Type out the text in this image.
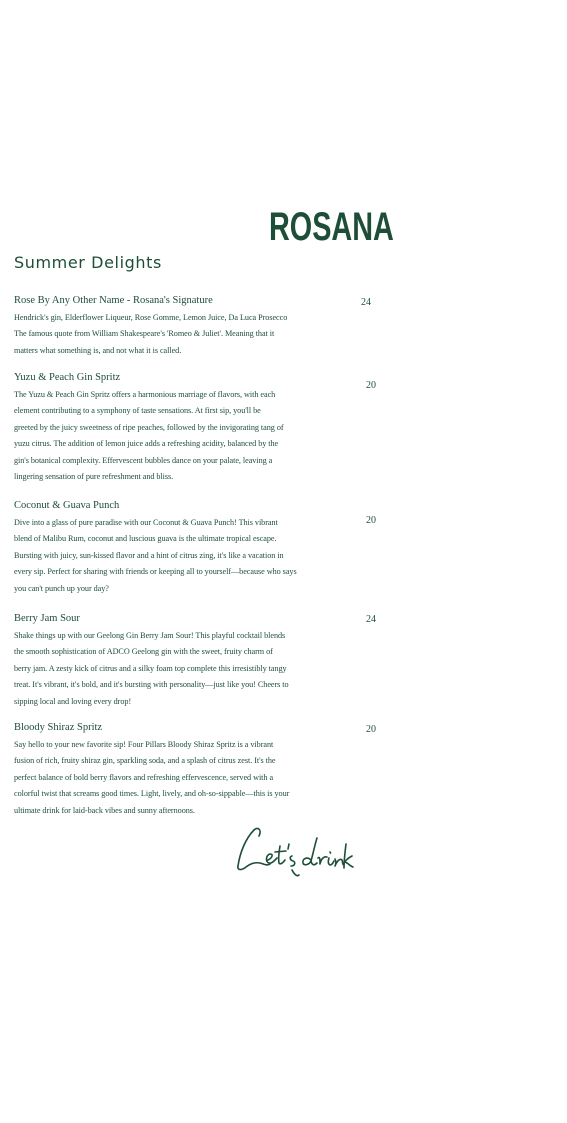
ROSANA
Summer Delights
Rose By Any Other Name - Rosana's Signature
Hendrick's gin, Elderflower Liqueur, Rose Gomme, Lemon Juice, Da Luca Prosecco
The famous quote from William Shakespeare's 'Romeo & Juliet'. Meaning that it
matters what something is, and not what it is called.
24
Yuzu & Peach Gin Spritz
The Yuzu & Peach Gin Spritz offers a harmonious marriage of flavors, with each
element contributing to a symphony of taste sensations. At first sip, you'll be
greeted by the juicy sweetness of ripe peaches, followed by the invigorating tang of
yuzu citrus. The addition of lemon juice adds a refreshing acidity, balanced by the
gin's botanical complexity. Effervescent bubbles dance on your palate, leaving a
lingering sensation of pure refreshment and bliss.
20
Coconut & Guava Punch
Dive into a glass of pure paradise with our Coconut & Guava Punch! This vibrant
blend of Malibu Rum, coconut and luscious guava is the ultimate tropical escape.
Bursting with juicy, sun-kissed flavor and a hint of citrus zing, it's like a vacation in
every sip. Perfect for sharing with friends or keeping all to yourself—because who says
you can't punch up your day?
20
Berry Jam Sour
Shake things up with our Geelong Gin Berry Jam Sour! This playful cocktail blends
the smooth sophistication of ADCO Geelong gin with the sweet, fruity charm of
berry jam. A zesty kick of citrus and a silky foam top complete this irresistibly tangy
treat. It's vibrant, it's bold, and it's bursting with personality—just like you! Cheers to
sipping local and loving every drop!
24
Bloody Shiraz Spritz
Say hello to your new favorite sip! Four Pillars Bloody Shiraz Spritz is a vibrant
fusion of rich, fruity shiraz gin, sparkling soda, and a splash of citrus zest. It's the
perfect balance of bold berry flavors and refreshing effervescence, served with a
colorful twist that screams good times. Light, lively, and oh-so-sippable—this is your
ultimate drink for laid-back vibes and sunny afternoons.
20
